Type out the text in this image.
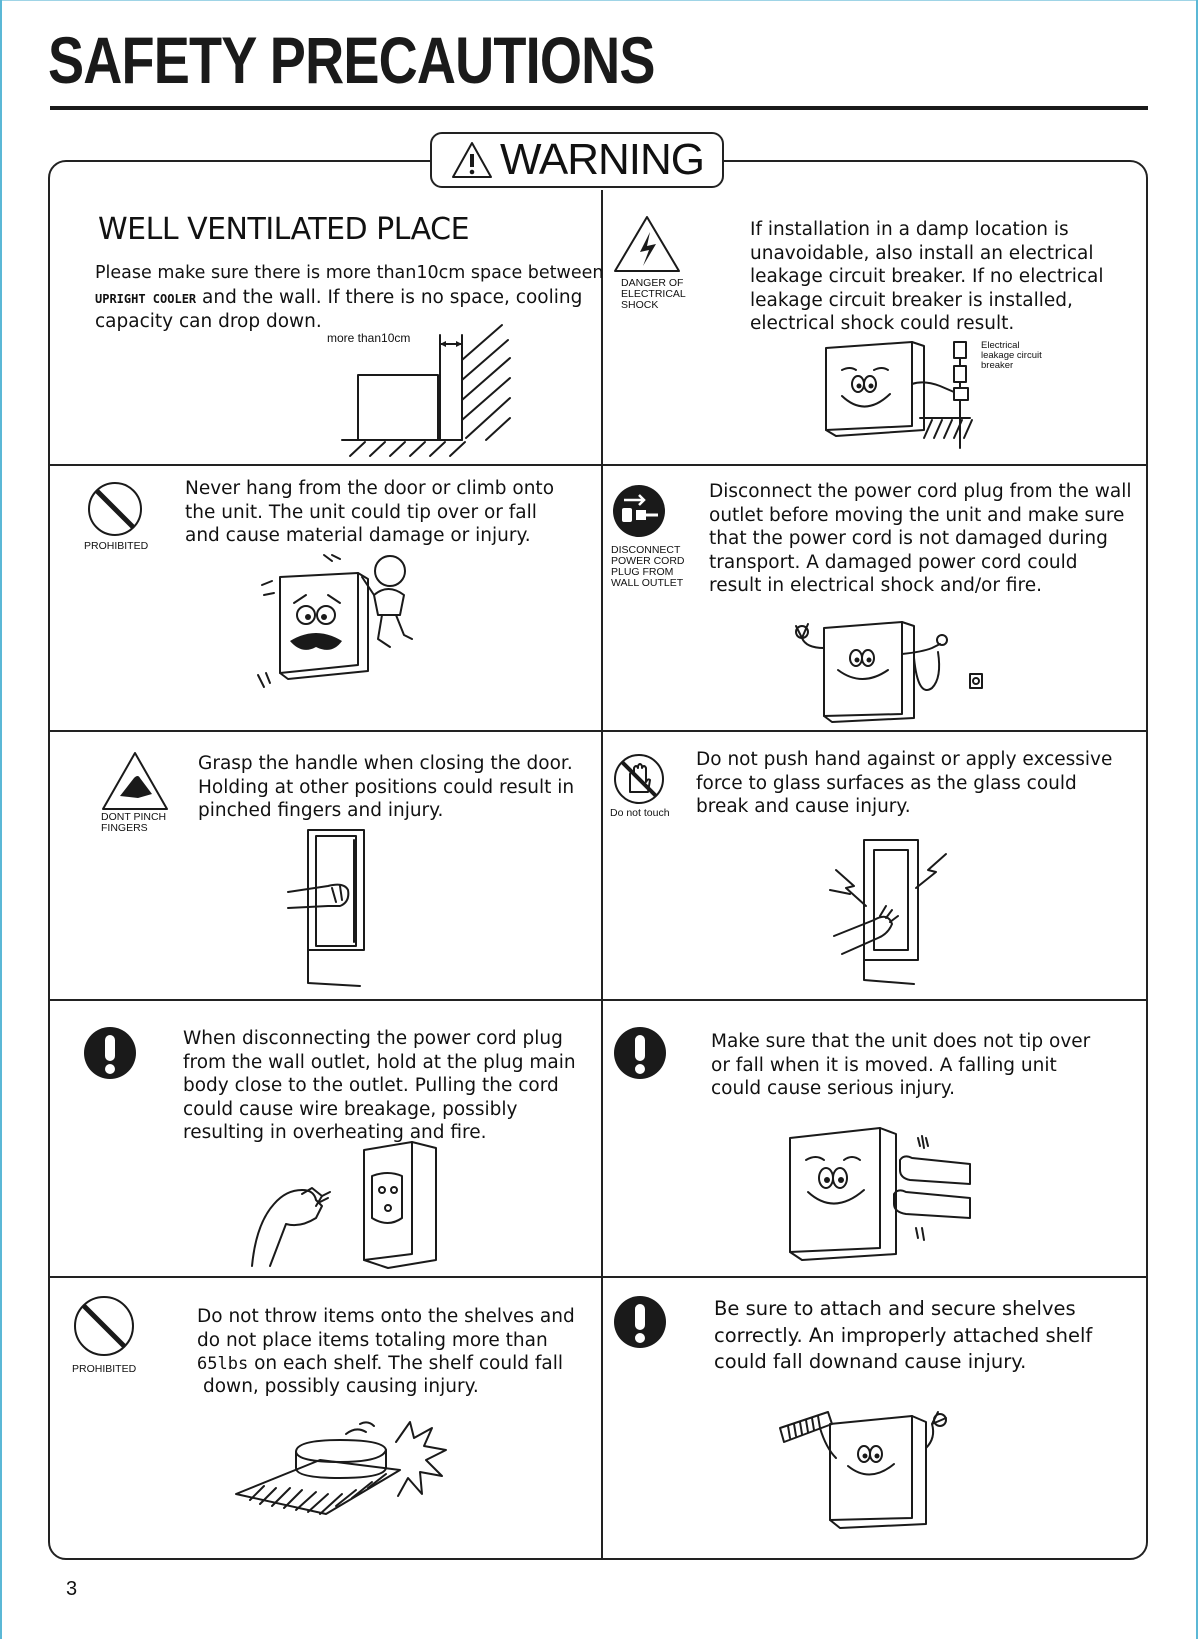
SAFETY PRECAUTIONS
WARNING
WELL VENTILATED PLACE
Please make sure there is more than10cm space between
UPRIGHT COOLER and the wall. If there is no space, cooling
capacity can drop down.
more than10cm
DANGER OF ELECTRICAL SHOCK
If installation in a damp location is unavoidable, also install an electrical leakage circuit breaker. If no electrical leakage circuit breaker is installed, electrical shock could result.
Electrical leakage circuit breaker
PROHIBITED
Never hang from the door or climb onto the unit. The unit could tip over or fall and cause material damage or injury.
DISCONNECT POWER CORD PLUG FROM WALL OUTLET
Disconnect the power cord plug from the wall outlet before moving the unit and make sure that the power cord is not damaged during transport. A damaged power cord could result in electrical shock and/or fire.
DONT PINCH FINGERS
Grasp the handle when closing the door. Holding at other positions could result in pinched fingers and injury.	Do not touch
Do not push hand against or apply excessive force to glass surfaces as the glass could break and cause injury.
When disconnecting the power cord plug from the wall outlet, hold at the plug main body close to the outlet. Pulling the cord could cause wire breakage, possibly resulting in overheating and fire.
Make sure that the unit does not tip over or fall when it is moved. A falling unit could cause serious injury.
PROHIBITED
Do not throw items onto the shelves and
do not place items totaling more than
65lbs on each shelf. The shelf could fall
down, possibly causing injury.
Be sure to attach and secure shelves correctly. An improperly attached shelf could fall downand cause injury.
3
